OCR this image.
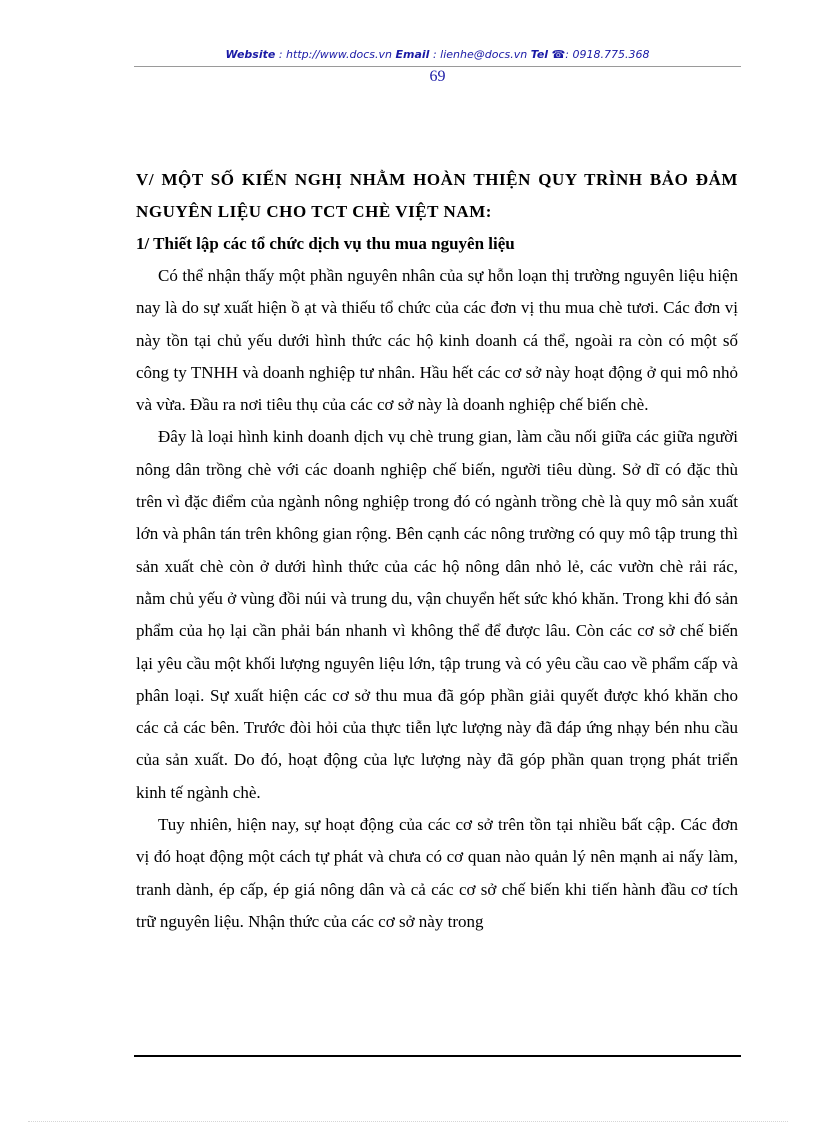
Website : http://www.docs.vn Email : lienhe@docs.vn Tel ☎: 0918.775.368
69

V/ MỘT SỐ KIẾN NGHỊ NHẰM HOÀN THIỆN QUY TRÌNH BẢO ĐẢM NGUYÊN LIỆU CHO TCT CHÈ VIỆT NAM:

1/ Thiết lập các tổ chức dịch vụ thu mua nguyên liệu

Có thể nhận thấy một phần nguyên nhân của sự hỗn loạn thị trường nguyên liệu hiện nay là do sự xuất hiện ồ ạt và thiếu tổ chức của các đơn vị thu mua chè tươi. Các đơn vị này tồn tại chủ yếu dưới hình thức các hộ kinh doanh cá thể, ngoài ra còn có một số công ty TNHH và doanh nghiệp tư nhân. Hầu hết các cơ sở này hoạt động ở qui mô nhỏ và vừa. Đầu ra nơi tiêu thụ của các cơ sở này là doanh nghiệp chế biến chè.

Đây là loại hình kinh doanh dịch vụ chè trung gian, làm cầu nối giữa các giữa người nông dân trồng chè với các doanh nghiệp chế biến, người tiêu dùng. Sở dĩ có đặc thù trên vì đặc điểm của ngành nông nghiệp trong đó có ngành trồng chè là quy mô sản xuất lớn và phân tán trên không gian rộng. Bên cạnh các nông trường có quy mô tập trung thì sản xuất chè còn ở dưới hình thức của các hộ nông dân nhỏ lẻ, các vườn chè rải rác, nằm chủ yếu ở vùng đồi núi và trung du, vận chuyển hết sức khó khăn. Trong khi đó sản phẩm của họ lại cần phải bán nhanh vì không thể để được lâu. Còn các cơ sở chế biến lại yêu cầu một khối lượng nguyên liệu lớn, tập trung và có yêu cầu cao về phẩm cấp và phân loại. Sự xuất hiện các cơ sở thu mua đã góp phần giải quyết được khó khăn cho các cả các bên. Trước đòi hỏi của thực tiễn lực lượng này đã đáp ứng nhạy bén nhu cầu của sản xuất. Do đó, hoạt động của lực lượng này đã góp phần quan trọng phát triển kinh tế ngành chè.

Tuy nhiên, hiện nay, sự hoạt động của các cơ sở trên tồn tại nhiều bất cập. Các đơn vị đó hoạt động một cách tự phát và chưa có cơ quan nào quản lý nên mạnh ai nấy làm, tranh dành, ép cấp, ép giá nông dân và cả các cơ sở chế biến khi tiến hành đầu cơ tích trữ nguyên liệu. Nhận thức của các cơ sở này trong
